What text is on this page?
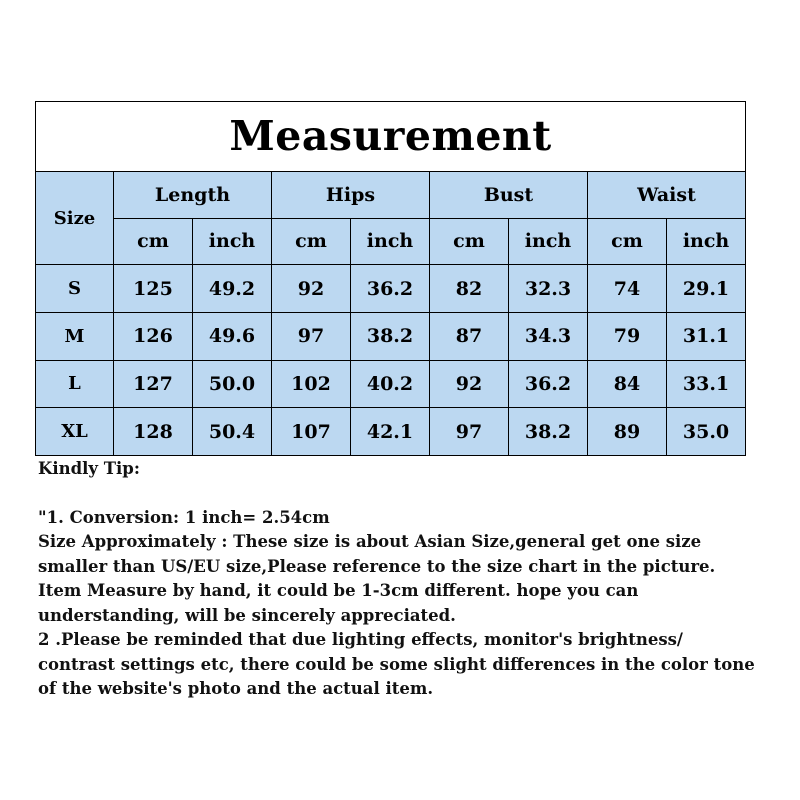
Measurement								
Size	Length		Hips		Bust		Waist	
	cm	inch	cm	inch	cm	inch	cm	inch
S	125	49.2	92	36.2	82	32.3	74	29.1
M	126	49.6	97	38.2	87	34.3	79	31.1
L	127	50.0	102	40.2	92	36.2	84	33.1
XL	128	50.4	107	42.1	97	38.2	89	35.0

Kindly Tip:

"1. Conversion: 1 inch= 2.54cm

Size Approximately : These size is about Asian Size,general get one size smaller than US/EU size,Please reference to the size chart in the picture. Item Measure by hand, it could be 1-3cm different. hope you can understanding, will be sincerely appreciated.

2 .Please be reminded that due lighting effects, monitor's brightness/ contrast settings etc, there could be some slight differences in the color tone of the website's photo and the actual item.
